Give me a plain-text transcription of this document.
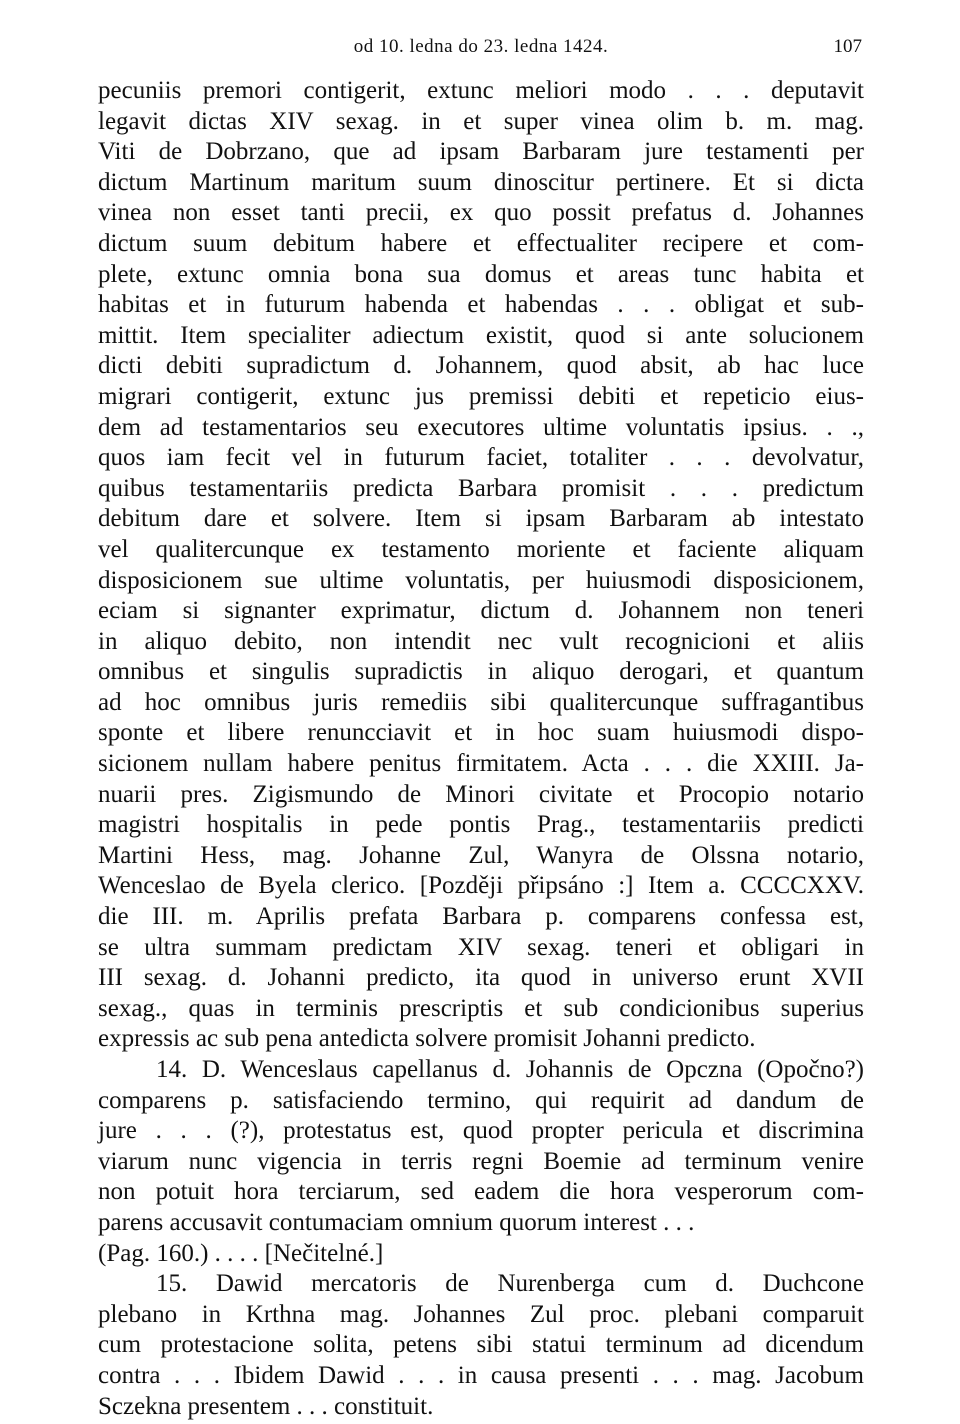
od 10. ledna do 23. ledna 1424.	107
pecuniis premori contigerit, extunc meliori modo . . . deputavit
legavit dictas XIV sexag. in et super vinea olim b. m. mag.
Viti de Dobrzano, que ad ipsam Barbaram jure testamenti per
dictum Martinum maritum suum dinoscitur pertinere. Et si dicta
vinea non esset tanti precii, ex quo possit prefatus d. Johannes
dictum suum debitum habere et effectualiter recipere et com-
plete, extunc omnia bona sua domus et areas tunc habita et
habitas et in futurum habenda et habendas . . . obligat et sub-
mittit. Item specialiter adiectum existit, quod si ante solucionem
dicti debiti supradictum d. Johannem, quod absit, ab hac luce
migrari contigerit, extunc jus premissi debiti et repeticio eius-
dem ad testamentarios seu executores ultime voluntatis ipsius. . .,
quos iam fecit vel in futurum faciet, totaliter . . . devolvatur,
quibus testamentariis predicta Barbara promisit . . . predictum
debitum dare et solvere. Item si ipsam Barbaram ab intestato
vel qualitercunque ex testamento moriente et faciente aliquam
disposicionem sue ultime voluntatis, per huiusmodi disposicionem,
eciam si signanter exprimatur, dictum d. Johannem non teneri
in aliquo debito, non intendit nec vult recognicioni et aliis
omnibus et singulis supradictis in aliquo derogari, et quantum
ad hoc omnibus juris remediis sibi qualitercunque suffragantibus
sponte et libere renuncciavit et in hoc suam huiusmodi dispo-
sicionem nullam habere penitus firmitatem. Acta . . . die XXIII. Ja-
nuarii pres. Zigismundo de Minori civitate et Procopio notario
magistri hospitalis in pede pontis Prag., testamentariis predicti
Martini Hess, mag. Johanne Zul, Wanyra de Olssna notario,
Wenceslao de Byela clerico. [Později připsáno :] Item a. CCCCXXV.
die III. m. Aprilis prefata Barbara p. comparens confessa est,
se ultra summam predictam XIV sexag. teneri et obligari in
III sexag. d. Johanni predicto, ita quod in universo erunt XVII
sexag., quas in terminis prescriptis et sub condicionibus superius
expressis ac sub pena antedicta solvere promisit Johanni predicto.
14. D. Wenceslaus capellanus d. Johannis de Opczna (Opočno?)
comparens p. satisfaciendo termino, qui requirit ad dandum de
jure . . . (?), protestatus est, quod propter pericula et discrimina
viarum nunc vigencia in terris regni Boemie ad terminum venire
non potuit hora terciarum, sed eadem die hora vesperorum com-
parens accusavit contumaciam omnium quorum interest . . .
(Pag. 160.) . . . . [Nečitelné.]
15. Dawid mercatoris de Nurenberga cum d. Duchcone
plebano in Krthna mag. Johannes Zul proc. plebani comparuit
cum protestacione solita, petens sibi statui terminum ad dicendum
contra . . . Ibidem Dawid . . . in causa presenti . . . mag. Jacobum
Sczekna presentem . . . constituit.
